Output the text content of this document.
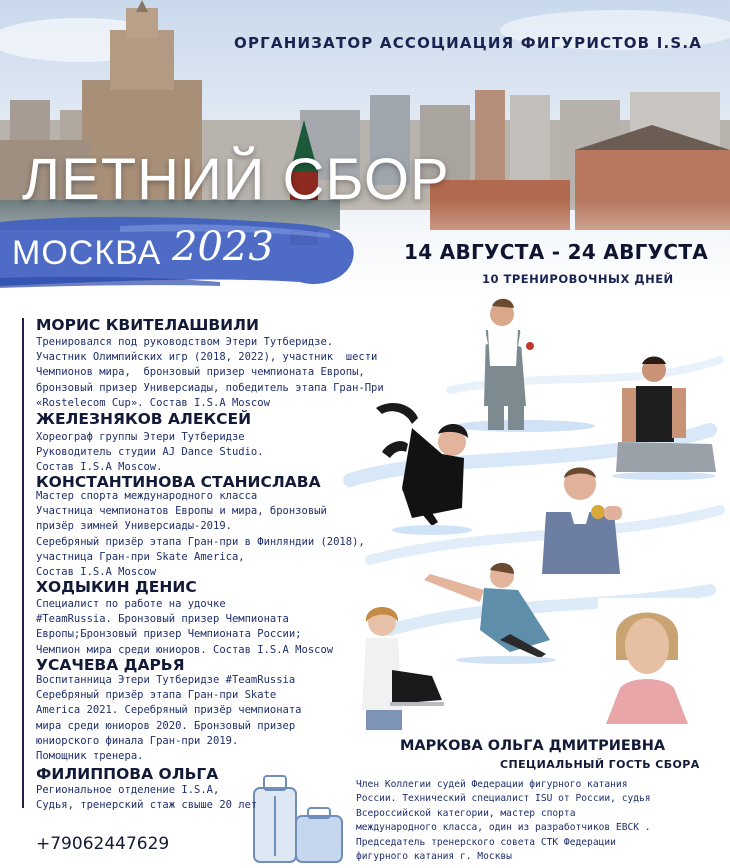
ОРГАНИЗАТОР АССОЦИАЦИЯ ФИГУРИСТОВ I.S.A
ЛЕТНИЙ СБОР
МОСКВА 2023	14 АВГУСТА - 24 АВГУСТА
10 ТРЕНИРОВОЧНЫХ ДНЕЙ
МОРИС КВИТЕЛАШВИЛИ
Тренировался под руководством Этери Тутберидзе.
Участник Олимпийских игр (2018, 2022), участник  шести
Чемпионов мира,  бронзовый призер чемпионата Европы,
бронзовый призер Универсиады, победитель этапа Гран-При
«Rostelecom Cup». Состав I.S.A Moscow
ЖЕЛЕЗНЯКОВ АЛЕКСЕЙ
Хореограф группы Этери Тутберидзе
Руководитель студии AJ Dance Studio.
Состав I.S.A Moscow.
КОНСТАНТИНОВА СТАНИСЛАВА
Мастер спорта международного класса
Участница чемпионатов Европы и мира, бронзовый
призёр зимней Универсиады-2019.
Серебряный призёр этапа Гран-при в Финляндии (2018),
участница Гран-при Skate America,
Состав I.S.A Moscow
ХОДЫКИН ДЕНИС
Специалист по работе на удочке
#TeamRussia. Бронзовый призер Чемпионата
Европы;Бронзовый призер Чемпионата России;
Чемпион мира среди юниоров. Состав I.S.A Moscow
УСАЧЕВА ДАРЬЯ
Воспитанница Этери Тутберидзе #TeamRussia
Серебряный призёр этапа Гран-при Skate
America 2021. Серебряный призёр чемпионата
мира среди юниоров 2020. Бронзовый призер
юниорского финала Гран-при 2019.
Помощник тренера.
ФИЛИППОВА ОЛЬГА
Региональное отделение I.S.A,
Судья, тренерский стаж свыше 20 лет
+79062447629
МАРКОВА ОЛЬГА ДМИТРИЕВНА
СПЕЦИАЛЬНЫЙ ГОСТЬ СБОРА
Член Коллегии судей Федерации фигурного катания
России. Технический специалист ISU от России, судья
Всероссийской категории, мастер спорта
международного класса, один из разработчиков EBCK .
Председатель тренерского совета СТК Федерации
фигурного катания г. Москвы
